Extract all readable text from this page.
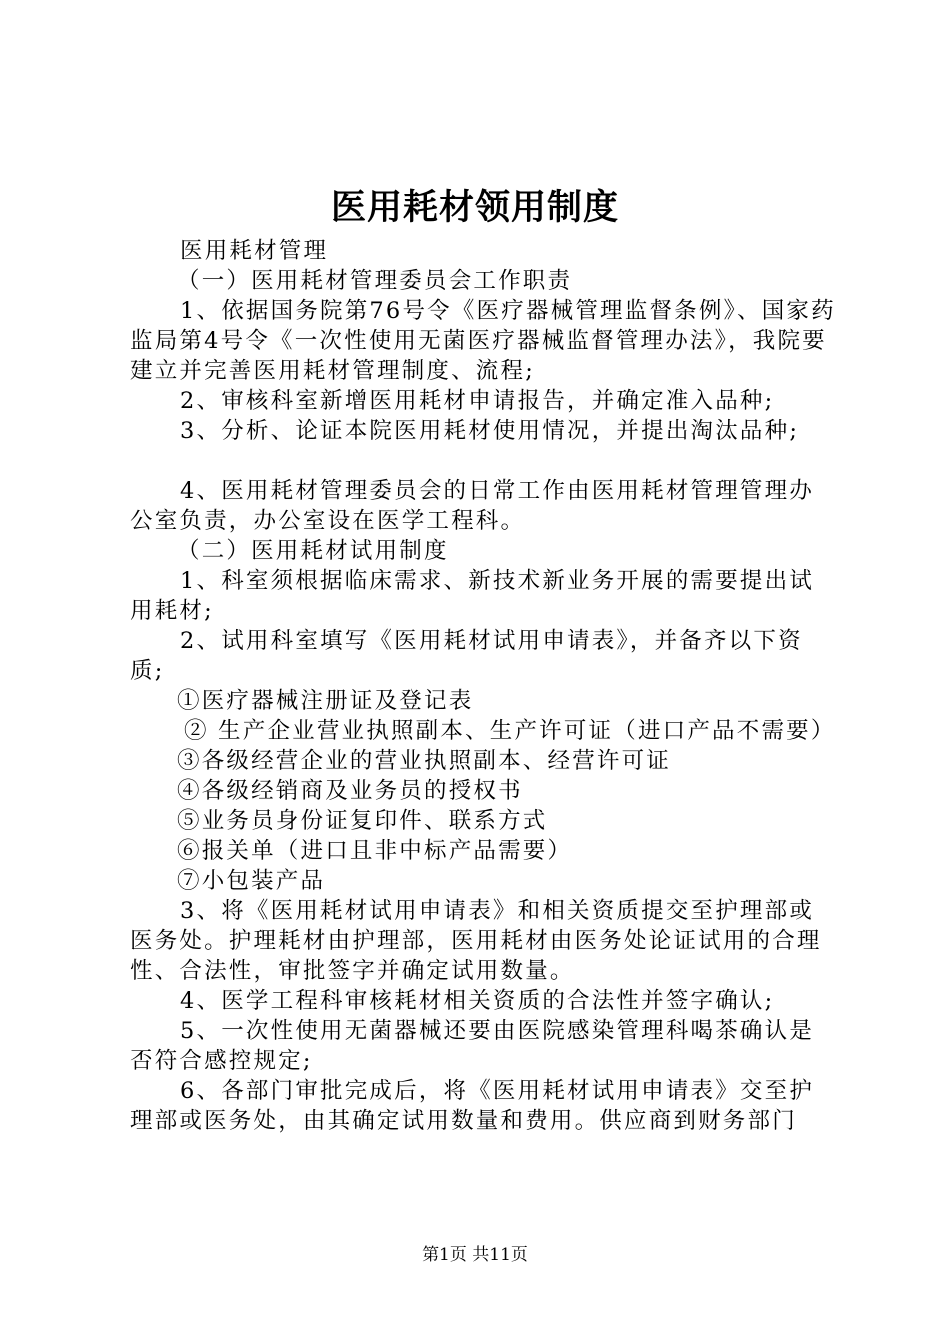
医用耗材领用制度

医用耗材管理

（一）医用耗材管理委员会工作职责

1、依据国务院第76号令《医疗器械管理监督条例》、国家药监局第4号令《一次性使用无菌医疗器械监督管理办法》，我院要建立并完善医用耗材管理制度、流程;

2、审核科室新增医用耗材申请报告，并确定准入品种;

3、分析、论证本院医用耗材使用情况，并提出淘汰品种;

4、医用耗材管理委员会的日常工作由医用耗材管理管理办公室负责，办公室设在医学工程科。

（二）医用耗材试用制度

1、科室须根据临床需求、新技术新业务开展的需要提出试用耗材;

2、试用科室填写《医用耗材试用申请表》，并备齐以下资质;

①医疗器械注册证及登记表

② 生产企业营业执照副本、生产许可证（进口产品不需要）

③各级经营企业的营业执照副本、经营许可证

④各级经销商及业务员的授权书

⑤业务员身份证复印件、联系方式

⑥报关单（进口且非中标产品需要）

⑦小包装产品

3、将《医用耗材试用申请表》和相关资质提交至护理部或医务处。护理耗材由护理部，医用耗材由医务处论证试用的合理性、合法性，审批签字并确定试用数量。

4、医学工程科审核耗材相关资质的合法性并签字确认;

5、一次性使用无菌器械还要由医院感染管理科喝茶确认是否符合感控规定;

6、各部门审批完成后，将《医用耗材试用申请表》交至护理部或医务处，由其确定试用数量和费用。供应商到财务部门

第1页 共11页
